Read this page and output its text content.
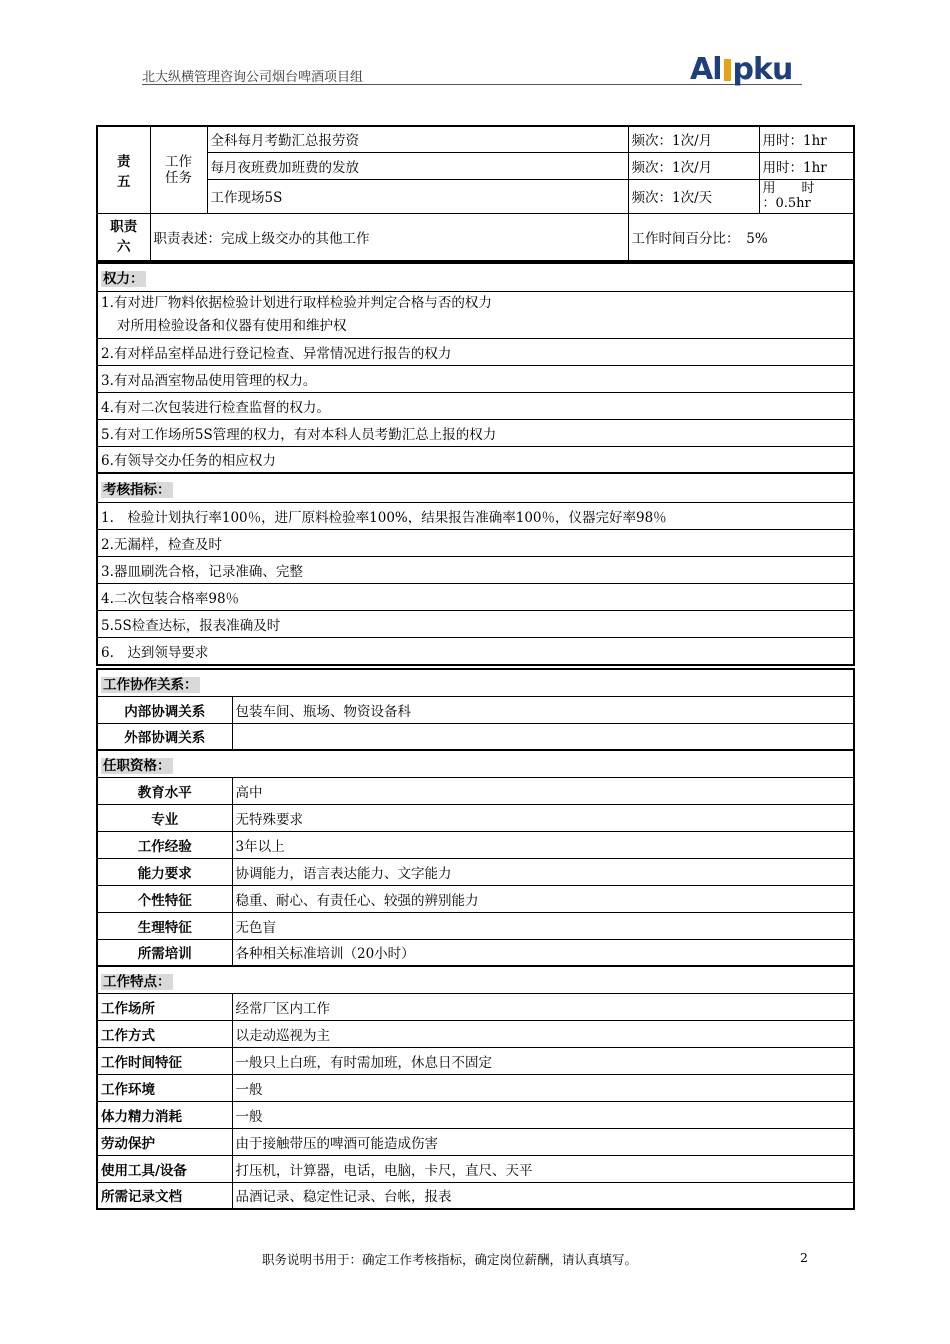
北大纵横管理咨询公司烟台啤酒项目组	Al pku
责五	工作任务	全科每月考勤汇总报劳资	频次：1次/月	用时：1hr
		每月夜班费加班费的发放	频次：1次/月	用时：1hr
		工作现场5S	频次：1次/天	用　　时　　：0.5hr
职责六	职责表述：完成上级交办的其他工作		工作时间百分比：　5%	
权力：

1.有对进厂物料依据检验计划进行取样检验并判定合格与否的权力
对所用检验设备和仪器有使用和维护权

2.有对样品室样品进行登记检查、异常情况进行报告的权力
3.有对品酒室物品使用管理的权力。
4.有对二次包装进行检查监督的权力。
5.有对工作场所5S管理的权力，有对本科人员考勤汇总上报的权力
6.有领导交办任务的相应权力
考核指标：
1.　检验计划执行率100％，进厂原料检验率100%，结果报告准确率100％，仪器完好率98％
2.无漏样，检查及时
3.器皿刷洗合格，记录准确、完整
4.二次包装合格率98％
5.5S检查达标，报表准确及时
6.　达到领导要求
工作协作关系：	
内部协调关系	包装车间、瓶场、物资设备科
外部协调关系	
任职资格：	
教育水平	高中
专业	无特殊要求
工作经验	3年以上
能力要求	协调能力，语言表达能力、文字能力
个性特征	稳重、耐心、有责任心、较强的辨别能力
生理特征	无色盲
所需培训	各种相关标准培训（20小时）
工作特点：	
工作场所	经常厂区内工作
工作方式	以走动巡视为主
工作时间特征	一般只上白班，有时需加班，休息日不固定
工作环境	一般
体力精力消耗	一般
劳动保护	由于接触带压的啤酒可能造成伤害
使用工具/设备	打压机，计算器，电话，电脑，卡尺，直尺、天平
所需记录文档	品酒记录、稳定性记录、台帐，报表
职务说明书用于：确定工作考核指标，确定岗位薪酬，请认真填写。	2
